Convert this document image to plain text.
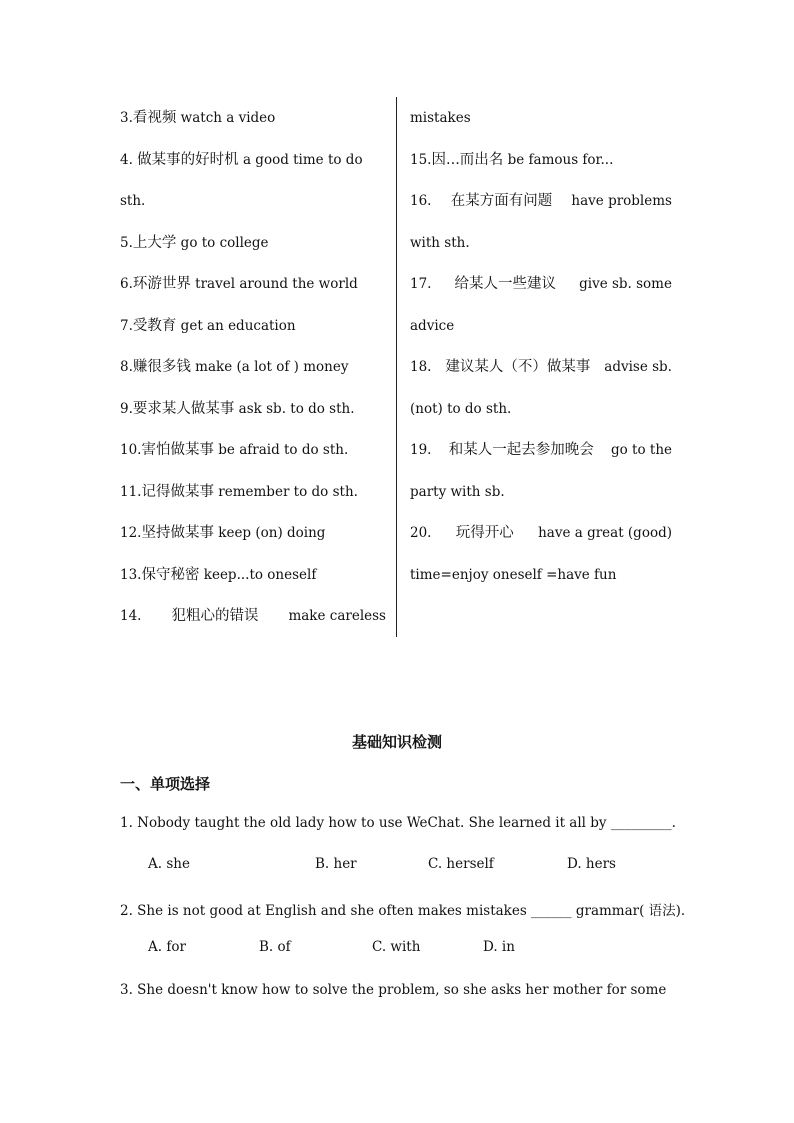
3.看视频 watch a video
4. 做某事的好时机 a good time to do
sth.
5.上大学 go to college
6.环游世界 travel around the world
7.受教育 get an education
8.赚很多钱 make (a lot of ) money
9.要求某人做某事 ask sb. to do sth.
10.害怕做某事 be afraid to do sth.
11.记得做某事 remember to do sth.
12.坚持做某事 keep (on) doing
13.保守秘密 keep...to oneself
14. 犯粗心的错误 make careless
mistakes
15.因...而出名 be famous for...
16. 在某方面有问题 have problems
with sth.
17. 给某人一些建议 give sb. some
advice
18. 建议某人（不）做某事 advise sb.
(not) to do sth.
19. 和某人一起去参加晚会 go to the
party with sb.
20. 玩得开心 have a great (good)
time=enjoy oneself =have fun
基础知识检测
一、单项选择
1. Nobody taught the old lady how to use WeChat. She learned it all by _________.
A. she	B. her	C. herself	D. hers
2. She is not good at English and she often makes mistakes ______ grammar( 语法).
A. for	B. of	C. with	D. in
3. She doesn't know how to solve the problem, so she asks her mother for some
